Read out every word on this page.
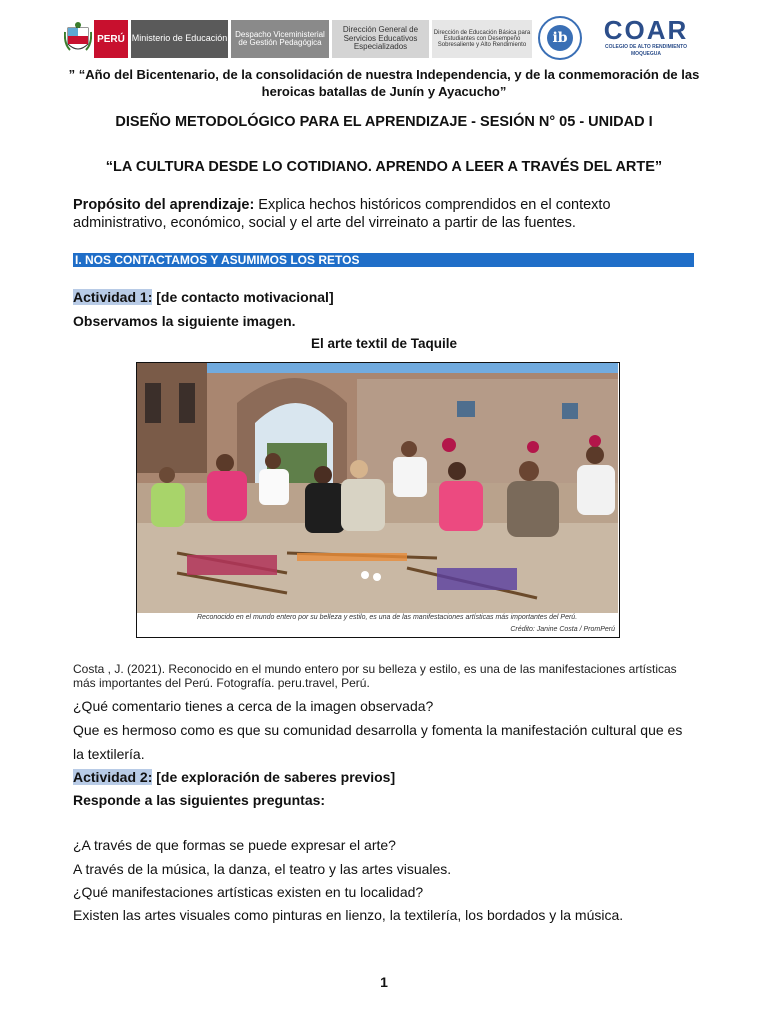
PERÚ Ministerio de Educación Despacho Viceministerial de Gestión Pedagógica
Dirección General de Servicios Educativos Especializados
Dirección de Educación Básica para Estudiantes con Desempeño Sobresaliente y Alto Rendimiento	ib	COAR
COLEGIO DE ALTO RENDIMIENTO MOQUEGUA
” “Año del Bicentenario, de la consolidación de nuestra Independencia, y de la conmemoración de las heroicas batallas de Junín y Ayacucho”
DISEÑO METODOLÓGICO PARA EL APRENDIZAJE - SESIÓN N° 05 - UNIDAD I
“LA CULTURA DESDE LO COTIDIANO. APRENDO A LEER A TRAVÉS DEL ARTE”
Propósito del aprendizaje: Explica hechos históricos comprendidos en el contexto administrativo, económico, social y el arte del virreinato a partir de las fuentes.
I. NOS CONTACTAMOS Y ASUMIMOS LOS RETOS
Actividad 1: [de contacto motivacional]
Observamos la siguiente imagen.
El arte textil de Taquile
Reconocido en el mundo entero por su belleza y estilo, es una de las manifestaciones artísticas más importantes del Perú.
Crédito: Janine Costa / PromPerú
Costa , J. (2021). Reconocido en el mundo entero por su belleza y estilo, es una de las manifestaciones artísticas más importantes del Perú. Fotografía. peru.travel, Perú.
¿Qué comentario tienes a cerca de la imagen observada?
Que es hermoso como es que su comunidad desarrolla y fomenta la manifestación cultural que es
la textilería.
Actividad 2: [de exploración de saberes previos]
Responde a las siguientes preguntas:
¿A través de que formas se puede expresar el arte?
A través de la música, la danza, el teatro y las artes visuales.
¿Qué manifestaciones artísticas existen en tu localidad?
Existen las artes visuales como pinturas en lienzo, la textilería, los bordados y la música.
1
